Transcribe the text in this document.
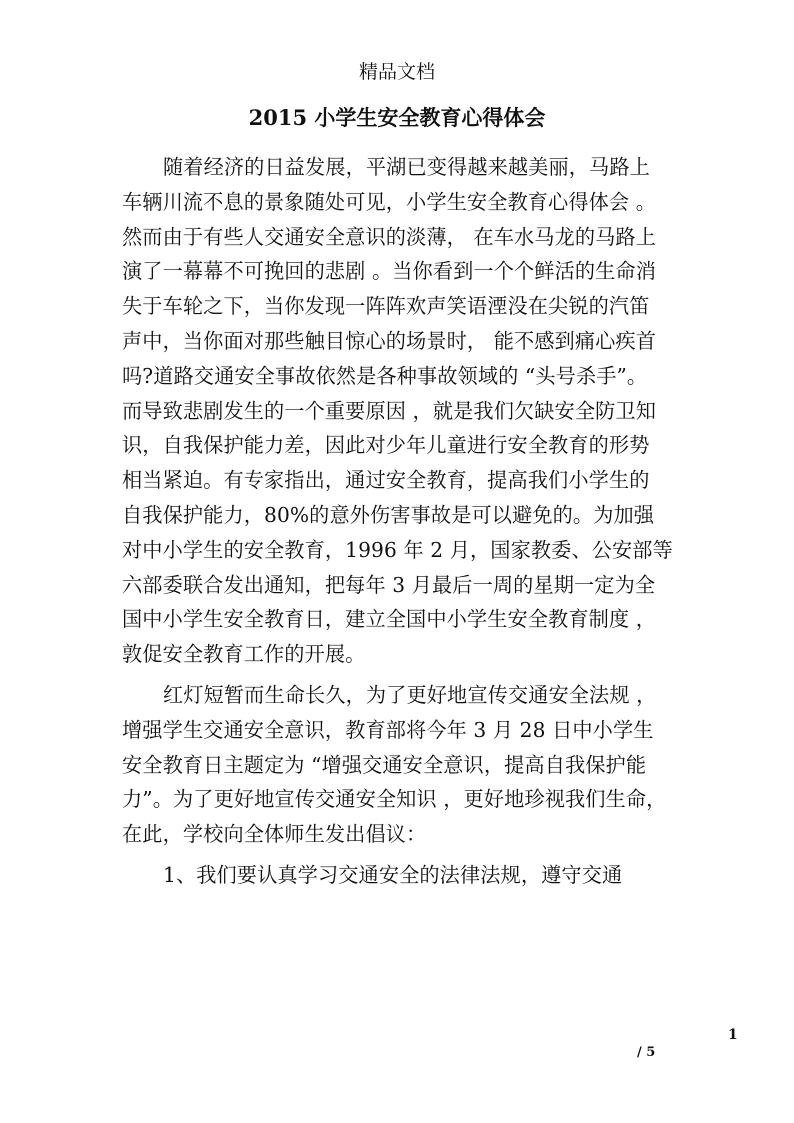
精品文档
2015 小学生安全教育心得体会
随着经济的日益发展，平湖已变得越来越美丽，马路上
车辆川流不息的景象随处可见，小学生安全教育心得体会 。
然而由于有些人交通安全意识的淡薄， 在车水马龙的马路上
演了一幕幕不可挽回的悲剧 。当你看到一个个鲜活的生命消
失于车轮之下，当你发现一阵阵欢声笑语湮没在尖锐的汽笛
声中，当你面对那些触目惊心的场景时， 能不感到痛心疾首
吗?道路交通安全事故依然是各种事故领域的 “头号杀手”。
而导致悲剧发生的一个重要原因 ，就是我们欠缺安全防卫知
识，自我保护能力差，因此对少年儿童进行安全教育的形势
相当紧迫。有专家指出，通过安全教育，提高我们小学生的
自我保护能力，80%的意外伤害事故是可以避免的。为加强
对中小学生的安全教育，1996 年 2 月，国家教委、公安部等
六部委联合发出通知，把每年 3 月最后一周的星期一定为全
国中小学生安全教育日，建立全国中小学生安全教育制度 ，
敦促安全教育工作的开展。
红灯短暂而生命长久，为了更好地宣传交通安全法规 ，
增强学生交通安全意识，教育部将今年 3 月 28 日中小学生
安全教育日主题定为 “增强交通安全意识，提高自我保护能
力”。为了更好地宣传交通安全知识 ，更好地珍视我们生命，
在此，学校向全体师生发出倡议：
1、我们要认真学习交通安全的法律法规，遵守交通
1
/ 5
